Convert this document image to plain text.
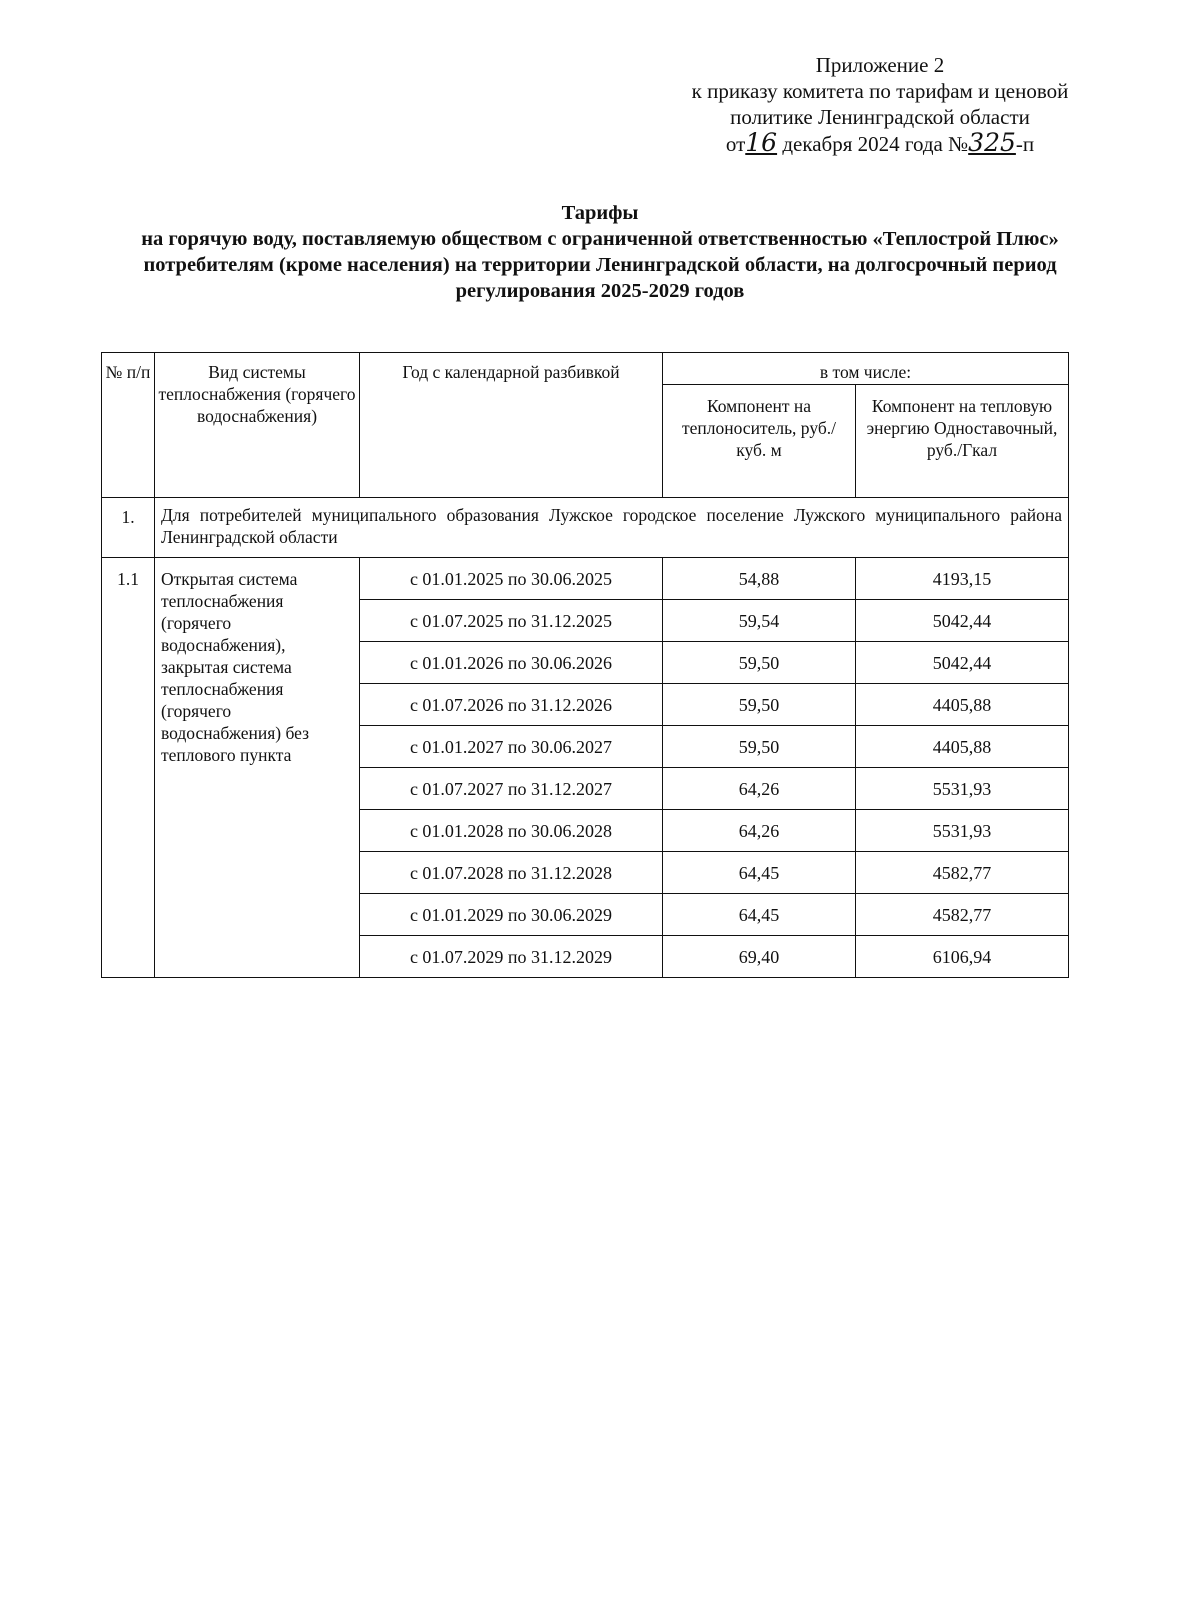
Приложение 2
к приказу комитета по тарифам и ценовой
политике Ленинградской области
от16 декабря 2024 года №325-п
Тарифы
на горячую воду, поставляемую обществом с ограниченной ответственностью «Теплострой Плюс» потребителям (кроме населения) на территории Ленинградской области, на долгосрочный период регулирования 2025-2029 годов
№ п/п	Вид системы теплоснабжения (горячего водоснабжения)	Год с календарной разбивкой	в том числе:	
			Компонент на теплоноситель, руб./куб. м	Компонент на тепловую энергию Одноставочный, руб./Гкал
1.	Для потребителей муниципального образования Лужское городское поселение Лужского муниципального района Ленинградской области			
1.1	Открытая система теплоснабжения (горячего водоснабжения), закрытая система теплоснабжения (горячего водоснабжения) без теплового пункта	с 01.01.2025 по 30.06.2025	54,88	4193,15
		с 01.07.2025 по 31.12.2025	59,54	5042,44
		с 01.01.2026 по 30.06.2026	59,50	5042,44
		с 01.07.2026 по 31.12.2026	59,50	4405,88
		с 01.01.2027 по 30.06.2027	59,50	4405,88
		с 01.07.2027 по 31.12.2027	64,26	5531,93
		с 01.01.2028 по 30.06.2028	64,26	5531,93
		с 01.07.2028 по 31.12.2028	64,45	4582,77
		с 01.01.2029 по 30.06.2029	64,45	4582,77
		с 01.07.2029 по 31.12.2029	69,40	6106,94
